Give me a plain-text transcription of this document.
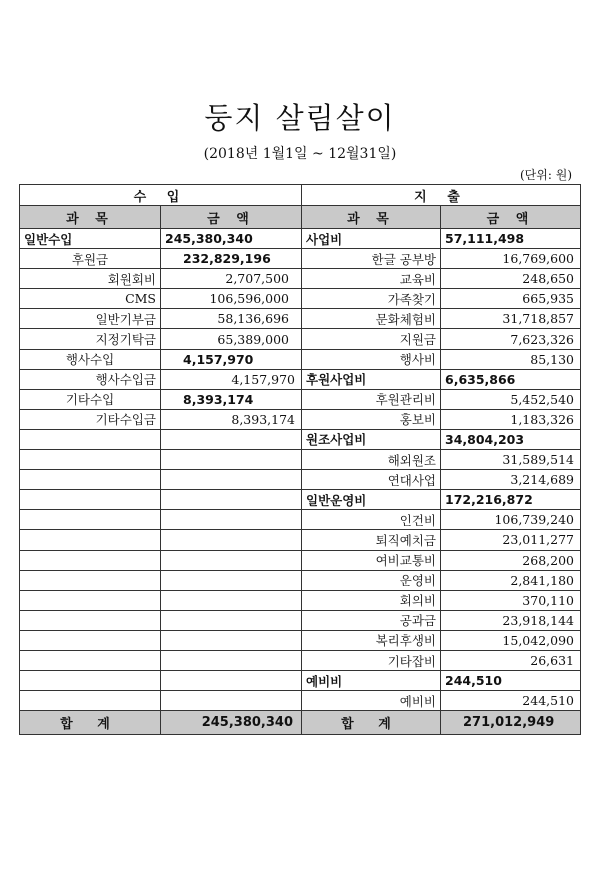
둥지 살림살이
(2018년 1월1일 ~ 12월31일)
(단위: 원)
수 입		지 출	
과 목	금 액	과 목	금 액
일반수입	245,380,340	사업비	57,111,498
후원금	232,829,196	한글 공부방	16,769,600
회원회비	2,707,500	교육비	248,650
CMS	106,596,000	가족찾기	665,935
일반기부금	58,136,696	문화체험비	31,718,857
지정기탁금	65,389,000	지원금	7,623,326
행사수입	4,157,970	행사비	85,130
행사수입금	4,157,970	후원사업비	6,635,866
기타수입	8,393,174	후원관리비	5,452,540
기타수입금	8,393,174	홍보비	1,183,326
		원조사업비	34,804,203
		해외원조	31,589,514
		연대사업	3,214,689
		일반운영비	172,216,872
		인건비	106,739,240
		퇴직예치금	23,011,277
		여비교통비	268,200
		운영비	2,841,180
		회의비	370,110
		공과금	23,918,144
		복리후생비	15,042,090
		기타잡비	26,631
		예비비	244,510
		예비비	244,510
합 계	245,380,340	합 계	271,012,949
